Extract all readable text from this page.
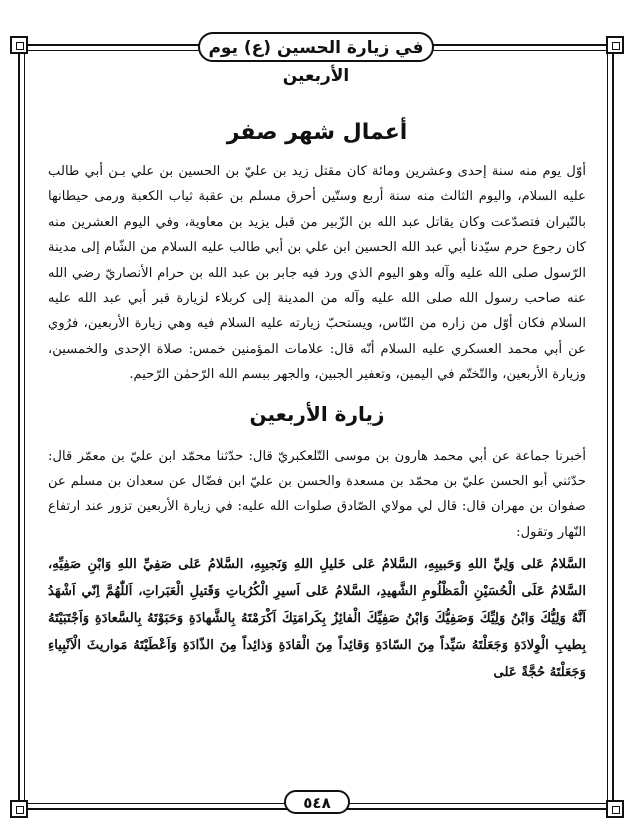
في زيارة الحسين (ع) يوم الأربعين
أعمال شهر صفر

أوّل يوم منه سنة إحدى وعشرين ومائة كان مقتل زيد بن عليّ بن الحسين بن علي بـن أبي طالب عليه السلام، واليوم الثالث منه سنة أربع وستّين أحرق مسلم بن عقبة ثياب الكعبة ورمى حيطانها بالنّيران فتصدّعت وكان يقاتل عبد الله بن الزّبير من قبل يزيد بن معاوية، وفي اليوم العشرين منه كان رجوع حرم سيّدنا أبي عبد الله الحسين ابن علي بن أبي طالب عليه السلام من الشّام إلى مدينة الرّسول صلى الله عليه وآله وهو اليوم الذي ورد فيه جابر بن عبد الله بن حرام الأنصاريّ رضي الله عنه صاحب رسول الله صلى الله عليه وآله من المدينة إلى كربلاء لزيارة قبر أبي عبد الله عليه السلام فكان أوّل من زاره من النّاس، ويستحبّ زيارته عليه السلام فيه وهي زيارة الأربعين، فرُوي عن أبي محمد العسكري عليه السلام أنّه قال: علامات المؤمنين خمس: صلاة الإحدى والخمسين، وزيارة الأربعين، والتّختّم في اليمين، وتعفير الجبين، والجهر ببسم الله الرّحمٰن الرّحيم.

زيارة الأربعين

أخبرنا جماعة عن أبي محمد هارون بن موسى التّلعكبريّ قال: حدّثنا محمّد ابن عليّ بن معمّر قال: حدّثني أبو الحسن عليّ بن محمّد بن مسعدة والحسن بن عليّ ابن فضّال عن سعدان بن مسلم عن صفوان بن مهران قال: قال لي مولاي الصّادق صلوات الله عليه: في زيارة الأربعين تزور عند ارتفاع النّهار وتقول:

السَّلامُ عَلى وَلِيِّ اللهِ وَحَبيبِهِ، السَّلامُ عَلى خَليلِ اللهِ وَنَجيبِهِ، السَّلامُ عَلى صَفِيِّ اللهِ وَابْنِ صَفِيِّهِ، السَّلامُ عَلَى الْحُسَيْنِ الْمَظْلُومِ الشَّهيدِ، السَّلامُ عَلى اَسيرِ الْكُرُباتِ وَقَتيلِ الْعَبَراتِ، اَللّٰهُمَّ اِنّي اَشْهَدُ اَنَّهُ وَلِيُّكَ وَابْنُ وَلِيِّكَ وَصَفِيُّكَ وَابْنُ صَفِيِّكَ الْفائِزُ بِكَرامَتِكَ اَكْرَمْتَهُ بِالشَّهادَةِ وَحَبَوْتَهُ بِالسَّعادَةِ وَاَجْتَبَيْتَهُ بِطيبِ الْوِلادَةِ وَجَعَلْتَهُ سَيِّداً مِنَ السّادَةِ وَقائِداً مِنَ الْقادَةِ وَذائِداً مِنَ الذّادَةِ وَاَعْطَيْتَهُ مَواريثَ الْاَنْبِياءِ وَجَعَلْتَهُ حُجَّةً عَلى

٥٤٨
